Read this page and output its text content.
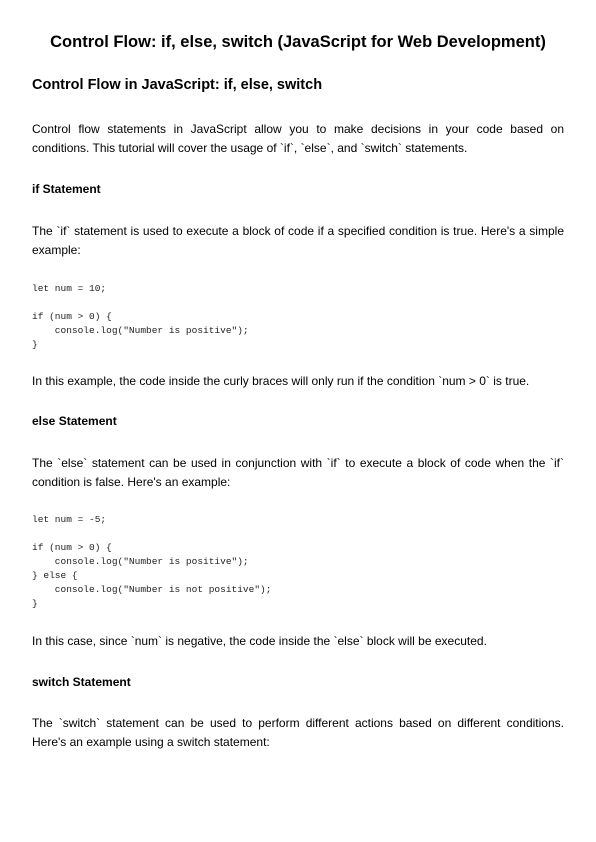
Control Flow: if, else, switch (JavaScript for Web Development)
Control Flow in JavaScript: if, else, switch

Control flow statements in JavaScript allow you to make decisions in your code based on conditions. This tutorial will cover the usage of `if`, `else`, and `switch` statements.

if Statement

The `if` statement is used to execute a block of code if a specified condition is true. Here's a simple example:

let num = 10;

if (num > 0) {
console.log("Number is positive");
}

In this example, the code inside the curly braces will only run if the condition `num > 0` is true.

else Statement

The `else` statement can be used in conjunction with `if` to execute a block of code when the `if` condition is false. Here's an example:

let num = -5;

if (num > 0) {
console.log("Number is positive");
} else {
console.log("Number is not positive");
}

In this case, since `num` is negative, the code inside the `else` block will be executed.

switch Statement

The `switch` statement can be used to perform different actions based on different conditions. Here's an example using a switch statement:
